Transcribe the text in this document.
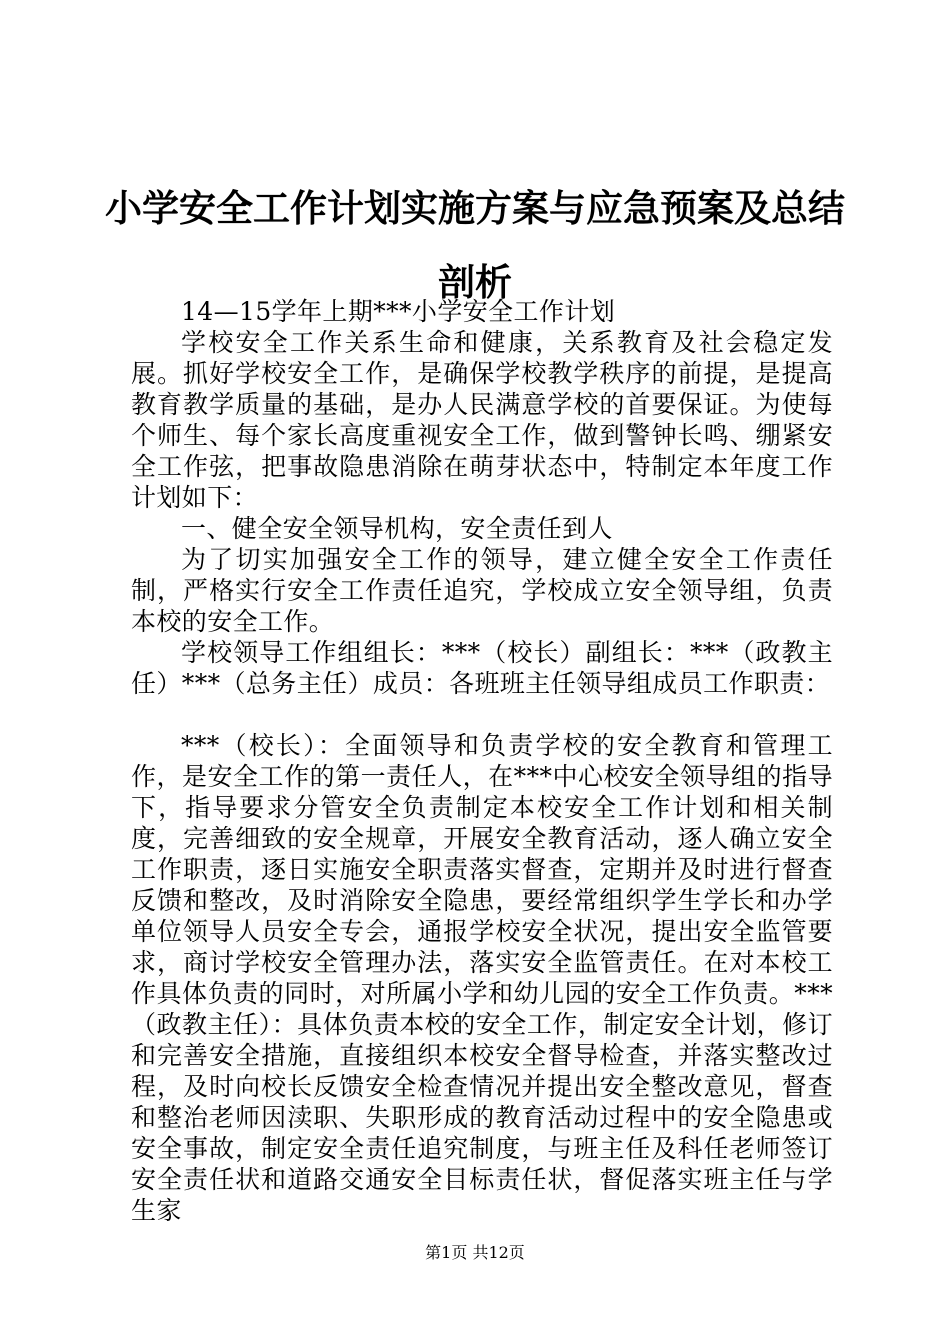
小学安全工作计划实施方案与应急预案及总结剖析

14—15学年上期***小学安全工作计划

学校安全工作关系生命和健康，关系教育及社会稳定发展。抓好学校安全工作，是确保学校教学秩序的前提，是提高教育教学质量的基础，是办人民满意学校的首要保证。为使每个师生、每个家长高度重视安全工作，做到警钟长鸣、绷紧安全工作弦，把事故隐患消除在萌芽状态中，特制定本年度工作计划如下：

一、健全安全领导机构，安全责任到人

为了切实加强安全工作的领导，建立健全安全工作责任制，严格实行安全工作责任追究，学校成立安全领导组，负责本校的安全工作。

学校领导工作组组长：***（校长）副组长：***（政教主任）***（总务主任）成员：各班班主任领导组成员工作职责：

***（校长）：全面领导和负责学校的安全教育和管理工作，是安全工作的第一责任人，在***中心校安全领导组的指导下，指导要求分管安全负责制定本校安全工作计划和相关制度，完善细致的安全规章，开展安全教育活动，逐人确立安全工作职责，逐日实施安全职责落实督查，定期并及时进行督查反馈和整改，及时消除安全隐患，要经常组织学生学长和办学单位领导人员安全专会，通报学校安全状况，提出安全监管要求，商讨学校安全管理办法，落实安全监管责任。在对本校工作具体负责的同时，对所属小学和幼儿园的安全工作负责。***（政教主任）：具体负责本校的安全工作，制定安全计划，修订和完善安全措施，直接组织本校安全督导检查，并落实整改过程，及时向校长反馈安全检查情况并提出安全整改意见，督查和整治老师因渎职、失职形成的教育活动过程中的安全隐患或安全事故，制定安全责任追究制度，与班主任及科任老师签订安全责任状和道路交通安全目标责任状，督促落实班主任与学生家

第1页 共12页
